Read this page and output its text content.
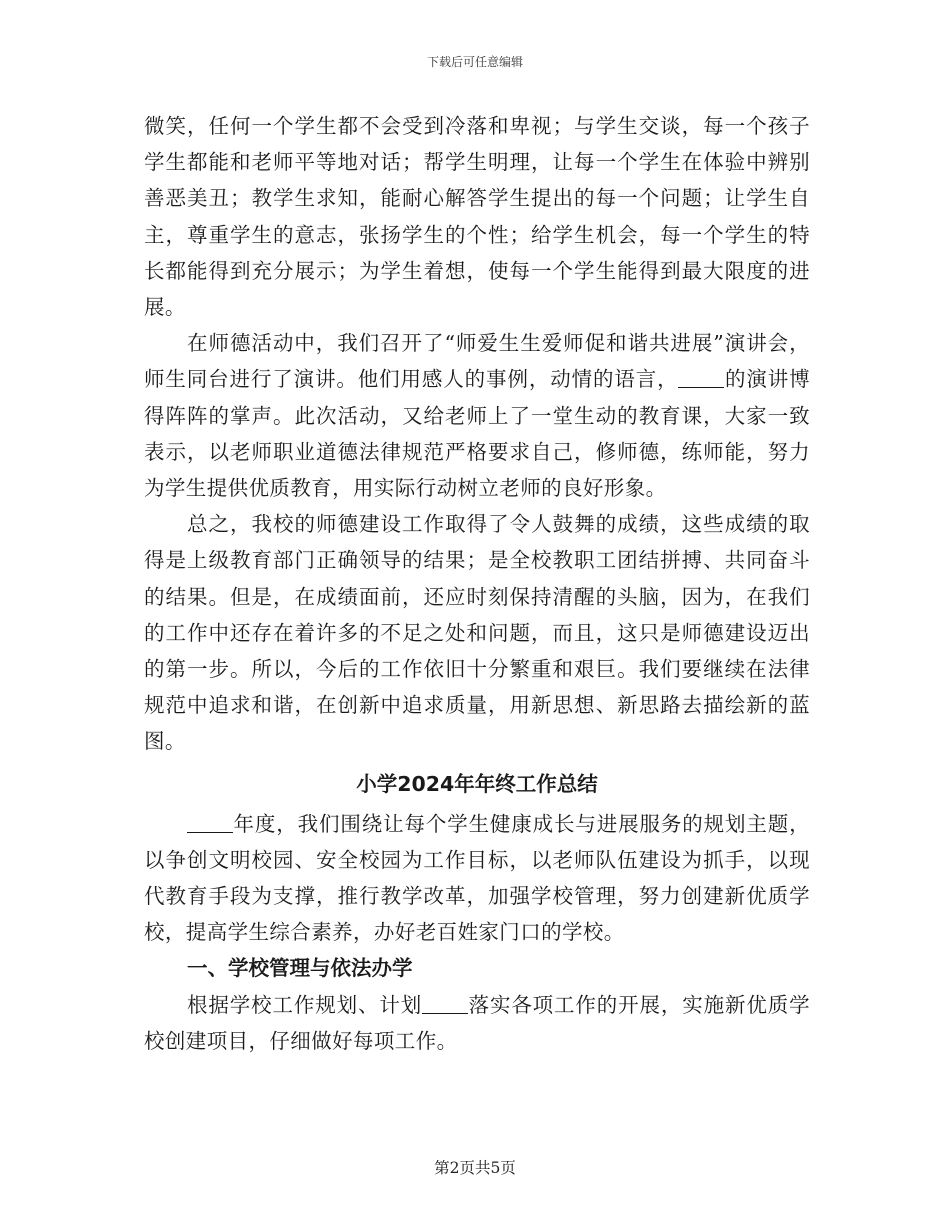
下载后可任意编辑

微笑，任何一个学生都不会受到冷落和卑视；与学生交谈，每一个孩子学生都能和老师平等地对话；帮学生明理，让每一个学生在体验中辨别善恶美丑；教学生求知，能耐心解答学生提出的每一个问题；让学生自主，尊重学生的意志，张扬学生的个性；给学生机会，每一个学生的特长都能得到充分展示；为学生着想，使每一个学生能得到最大限度的进展。

在师德活动中，我们召开了“师爱生生爱师促和谐共进展”演讲会，师生同台进行了演讲。他们用感人的事例，动情的语言， 的演讲博得阵阵的掌声。此次活动，又给老师上了一堂生动的教育课，大家一致表示，以老师职业道德法律规范严格要求自己，修师德，练师能，努力为学生提供优质教育，用实际行动树立老师的良好形象。

总之，我校的师德建设工作取得了令人鼓舞的成绩，这些成绩的取得是上级教育部门正确领导的结果；是全校教职工团结拼搏、共同奋斗的结果。但是，在成绩面前，还应时刻保持清醒的头脑，因为，在我们的工作中还存在着许多的不足之处和问题，而且，这只是师德建设迈出的第一步。所以，今后的工作依旧十分繁重和艰巨。我们要继续在法律规范中追求和谐，在创新中追求质量，用新思想、新思路去描绘新的蓝图。

小学2024年年终工作总结

年度，我们围绕让每个学生健康成长与进展服务的规划主题，以争创文明校园、安全校园为工作目标，以老师队伍建设为抓手，以现代教育手段为支撑，推行教学改革，加强学校管理，努力创建新优质学校，提高学生综合素养，办好老百姓家门口的学校。

一、学校管理与依法办学

根据学校工作规划、计划 落实各项工作的开展，实施新优质学校创建项目，仔细做好每项工作。

第2页共5页
